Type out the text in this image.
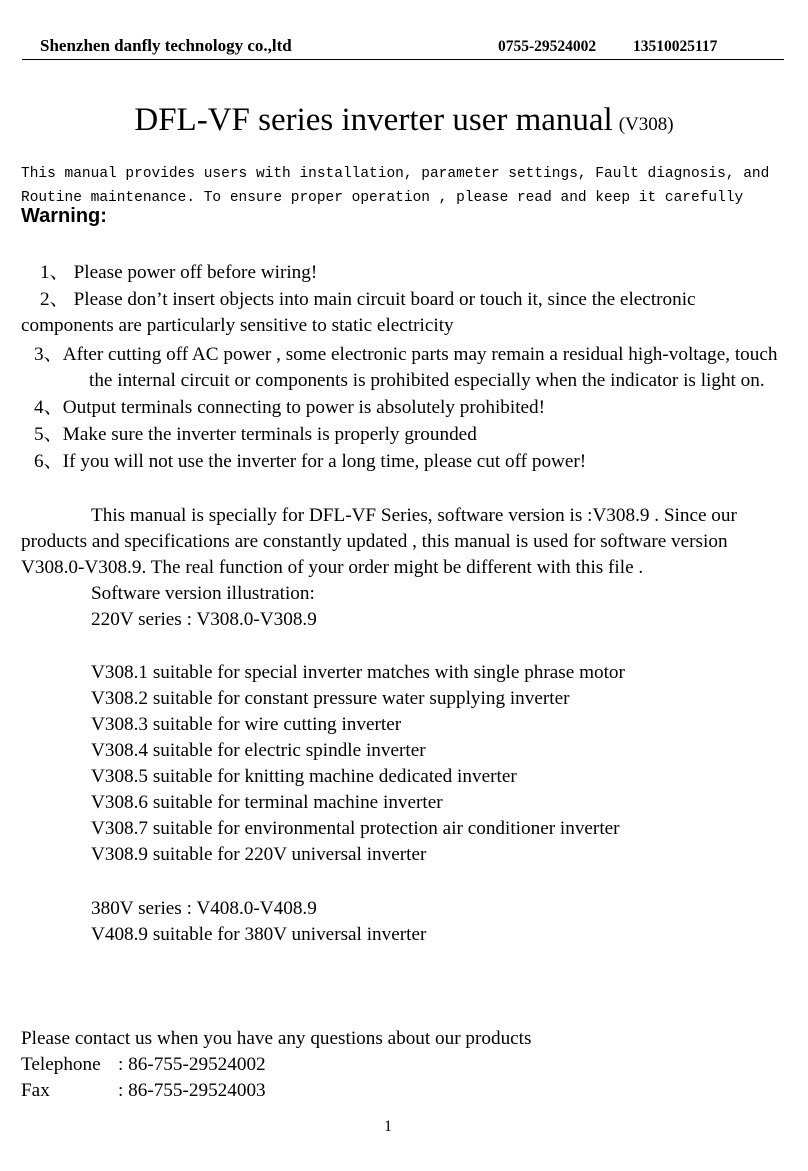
Shenzhen danfly technology co.,ltd	0755-29524002 13510025117
DFL-VF series inverter user manual (V308)
This manual provides users with installation, parameter settings, Fault diagnosis, and
Routine maintenance. To ensure proper operation , please read and keep it carefully
Warning:
1、 Please power off before wiring!
2、 Please don’t insert objects into main circuit board or touch it, since the electronic
components are particularly sensitive to static electricity
3、After cutting off AC power , some electronic parts may remain a residual high-voltage, touch
the internal circuit or components is prohibited especially when the indicator is light on.
4、Output terminals connecting to power is absolutely prohibited!
5、Make sure the inverter terminals is properly grounded
6、If you will not use the inverter for a long time, please cut off power!
This manual is specially for DFL-VF Series, software version is :V308.9 . Since our
products and specifications are constantly updated , this manual is used for software version
V308.0-V308.9. The real function of your order might be different with this file .
Software version illustration:
220V series : V308.0-V308.9
V308.1 suitable for special inverter matches with single phrase motor
V308.2 suitable for constant pressure water supplying inverter
V308.3 suitable for wire cutting inverter
V308.4 suitable for electric spindle inverter
V308.5 suitable for knitting machine dedicated inverter
V308.6 suitable for terminal machine inverter
V308.7 suitable for environmental protection air conditioner inverter
V308.9 suitable for 220V universal inverter
380V series : V408.0-V408.9
V408.9 suitable for 380V universal inverter
Please contact us when you have any questions about our products
Telephone : 86-755-29524002
Fax	: 86-755-29524003
1
